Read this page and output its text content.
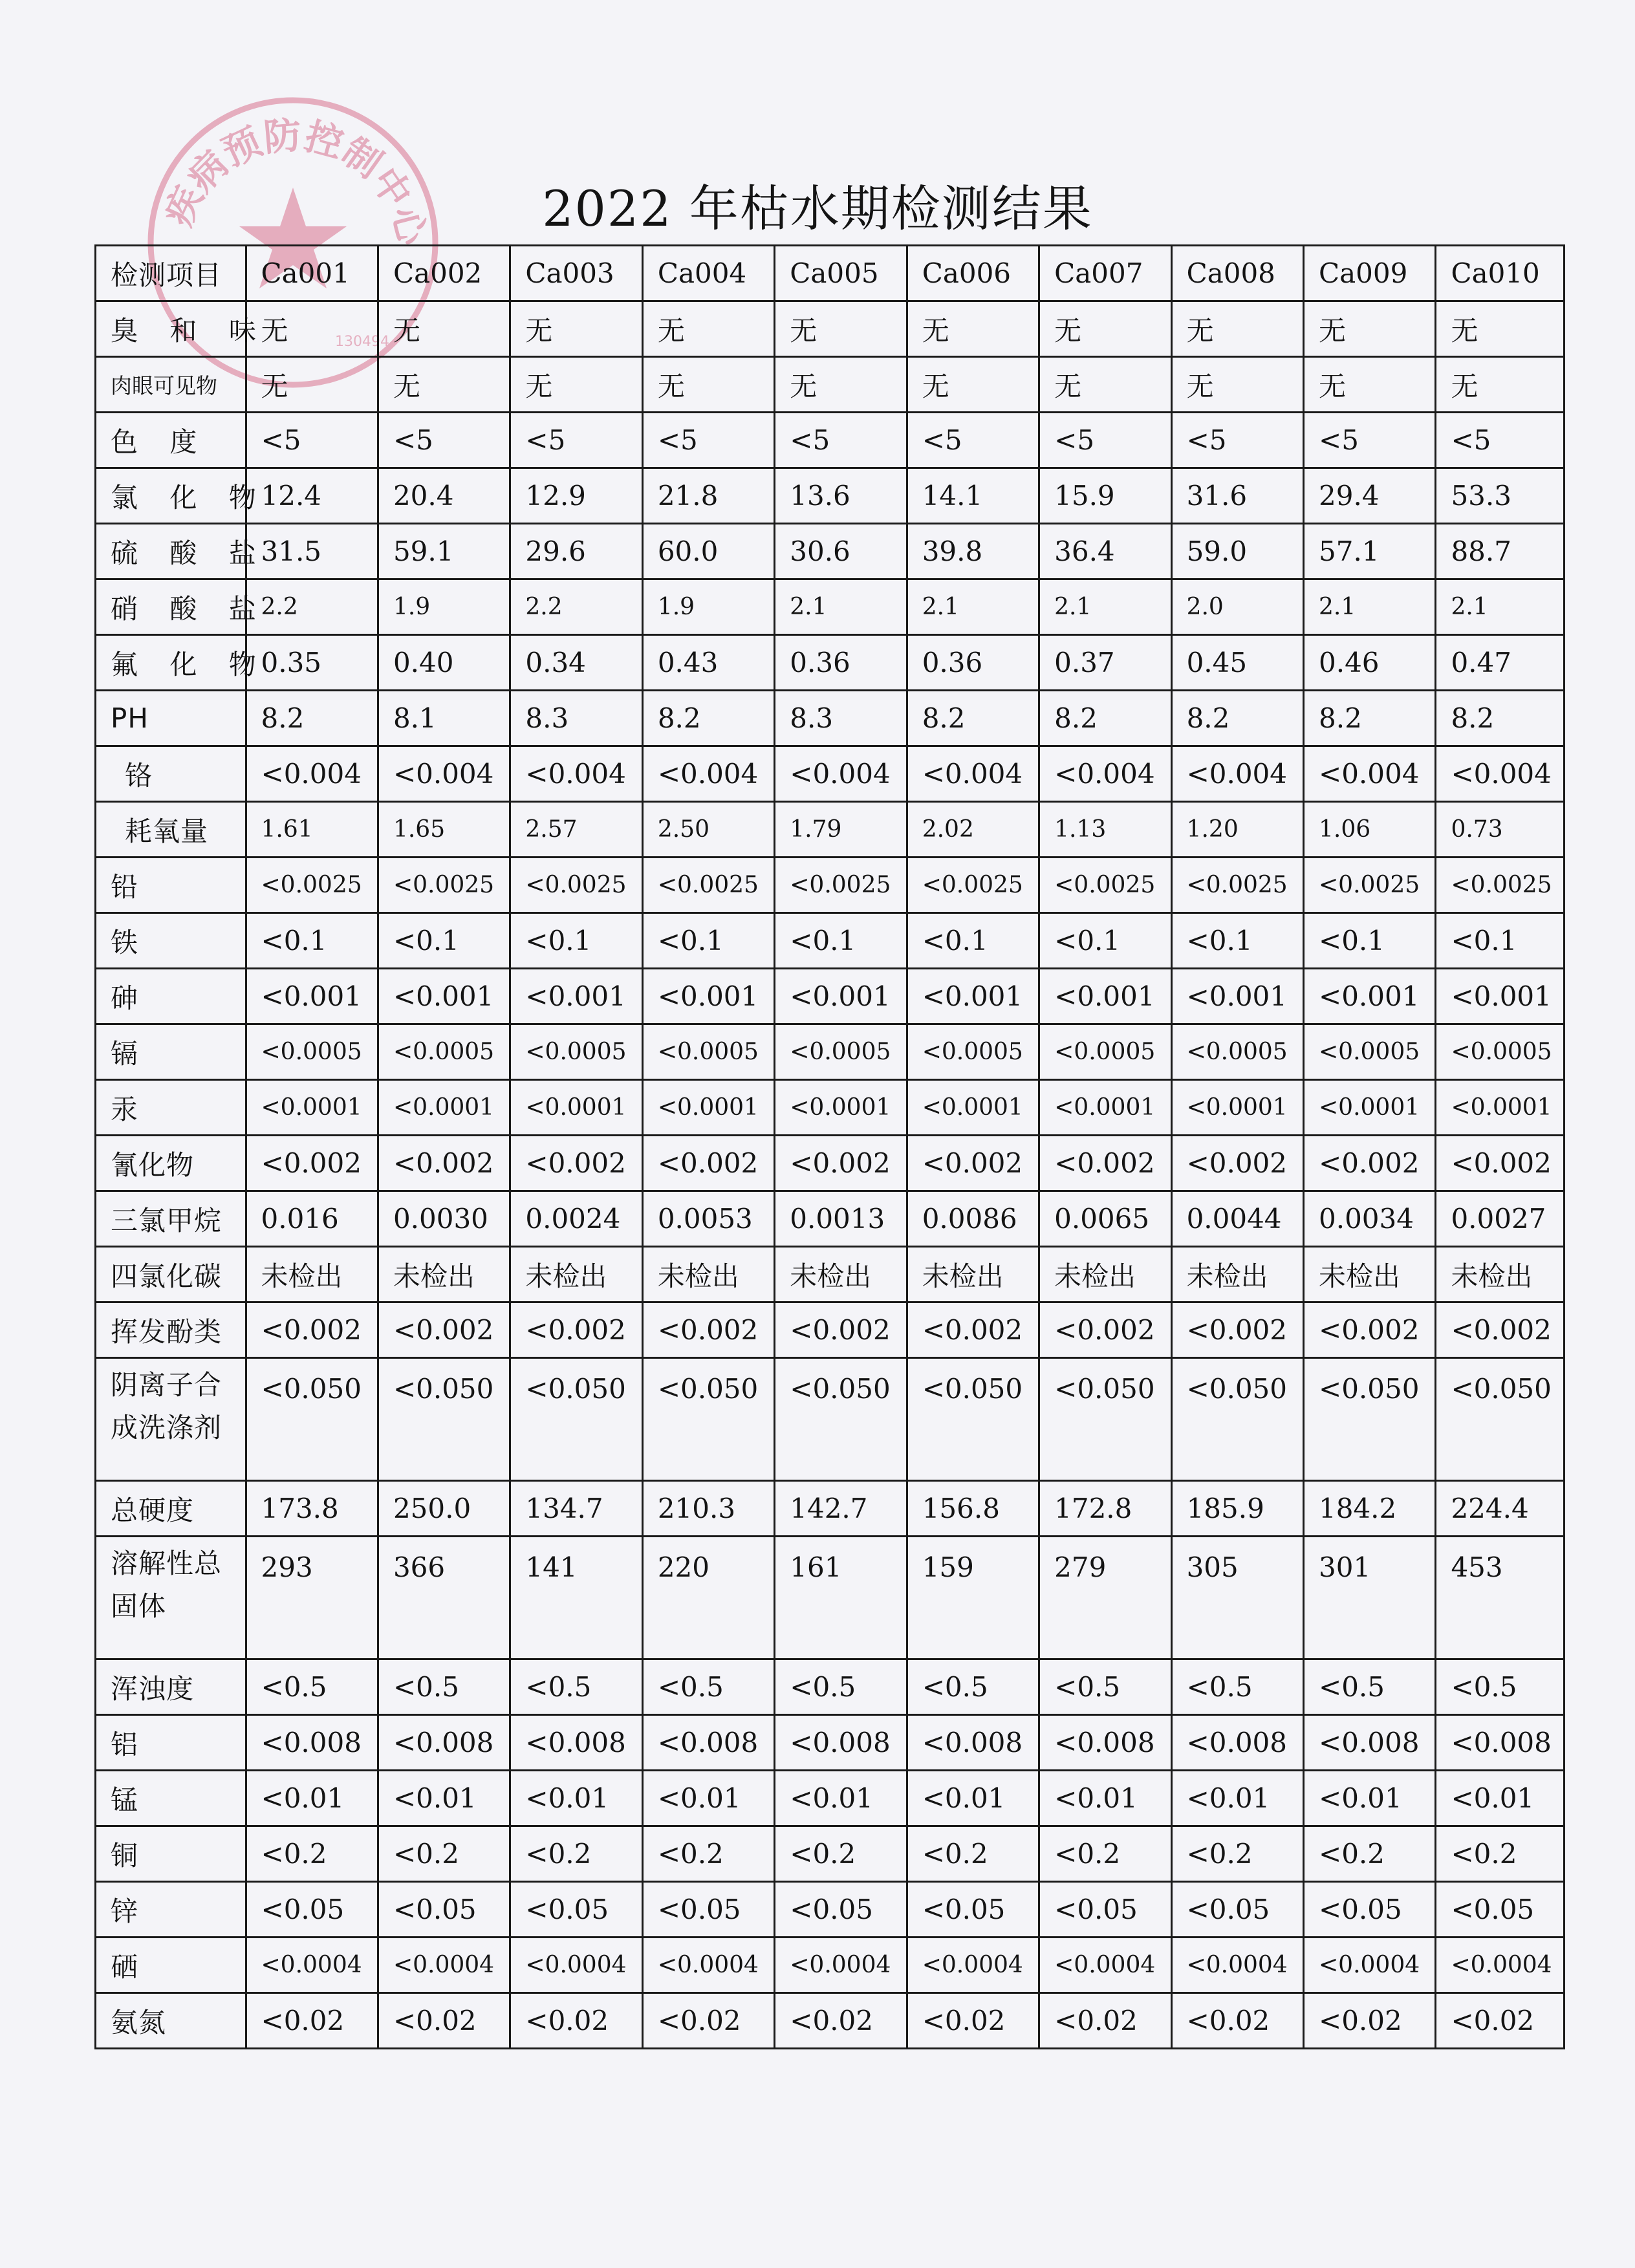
疾病预防控制中心
130494
2022 年枯水期检测结果
检测项目	Ca001	Ca002	Ca003	Ca004	Ca005	Ca006	Ca007	Ca008	Ca009	Ca010
臭 和 味	无	无	无	无	无	无	无	无	无	无
肉眼可见物	无	无	无	无	无	无	无	无	无	无
色 度	<5	<5	<5	<5	<5	<5	<5	<5	<5	<5
氯 化 物	12.4	20.4	12.9	21.8	13.6	14.1	15.9	31.6	29.4	53.3
硫 酸 盐	31.5	59.1	29.6	60.0	30.6	39.8	36.4	59.0	57.1	88.7
硝 酸 盐	2.2	1.9	2.2	1.9	2.1	2.1	2.1	2.0	2.1	2.1
氟 化 物	0.35	0.40	0.34	0.43	0.36	0.36	0.37	0.45	0.46	0.47
PH	8.2	8.1	8.3	8.2	8.3	8.2	8.2	8.2	8.2	8.2
铬	<0.004	<0.004	<0.004	<0.004	<0.004	<0.004	<0.004	<0.004	<0.004	<0.004
耗氧量	1.61	1.65	2.57	2.50	1.79	2.02	1.13	1.20	1.06	0.73
铅	<0.0025	<0.0025	<0.0025	<0.0025	<0.0025	<0.0025	<0.0025	<0.0025	<0.0025	<0.0025
铁	<0.1	<0.1	<0.1	<0.1	<0.1	<0.1	<0.1	<0.1	<0.1	<0.1
砷	<0.001	<0.001	<0.001	<0.001	<0.001	<0.001	<0.001	<0.001	<0.001	<0.001
镉	<0.0005	<0.0005	<0.0005	<0.0005	<0.0005	<0.0005	<0.0005	<0.0005	<0.0005	<0.0005
汞	<0.0001	<0.0001	<0.0001	<0.0001	<0.0001	<0.0001	<0.0001	<0.0001	<0.0001	<0.0001
氰化物	<0.002	<0.002	<0.002	<0.002	<0.002	<0.002	<0.002	<0.002	<0.002	<0.002
三氯甲烷	0.016	0.0030	0.0024	0.0053	0.0013	0.0086	0.0065	0.0044	0.0034	0.0027
四氯化碳	未检出	未检出	未检出	未检出	未检出	未检出	未检出	未检出	未检出	未检出
挥发酚类	<0.002	<0.002	<0.002	<0.002	<0.002	<0.002	<0.002	<0.002	<0.002	<0.002
阴离子合成洗涤剂	<0.050	<0.050	<0.050	<0.050	<0.050	<0.050	<0.050	<0.050	<0.050	<0.050
总硬度	173.8	250.0	134.7	210.3	142.7	156.8	172.8	185.9	184.2	224.4
溶解性总固体	293	366	141	220	161	159	279	305	301	453
浑浊度	<0.5	<0.5	<0.5	<0.5	<0.5	<0.5	<0.5	<0.5	<0.5	<0.5
铝	<0.008	<0.008	<0.008	<0.008	<0.008	<0.008	<0.008	<0.008	<0.008	<0.008
锰	<0.01	<0.01	<0.01	<0.01	<0.01	<0.01	<0.01	<0.01	<0.01	<0.01
铜	<0.2	<0.2	<0.2	<0.2	<0.2	<0.2	<0.2	<0.2	<0.2	<0.2
锌	<0.05	<0.05	<0.05	<0.05	<0.05	<0.05	<0.05	<0.05	<0.05	<0.05
硒	<0.0004	<0.0004	<0.0004	<0.0004	<0.0004	<0.0004	<0.0004	<0.0004	<0.0004	<0.0004
氨氮	<0.02	<0.02	<0.02	<0.02	<0.02	<0.02	<0.02	<0.02	<0.02	<0.02
